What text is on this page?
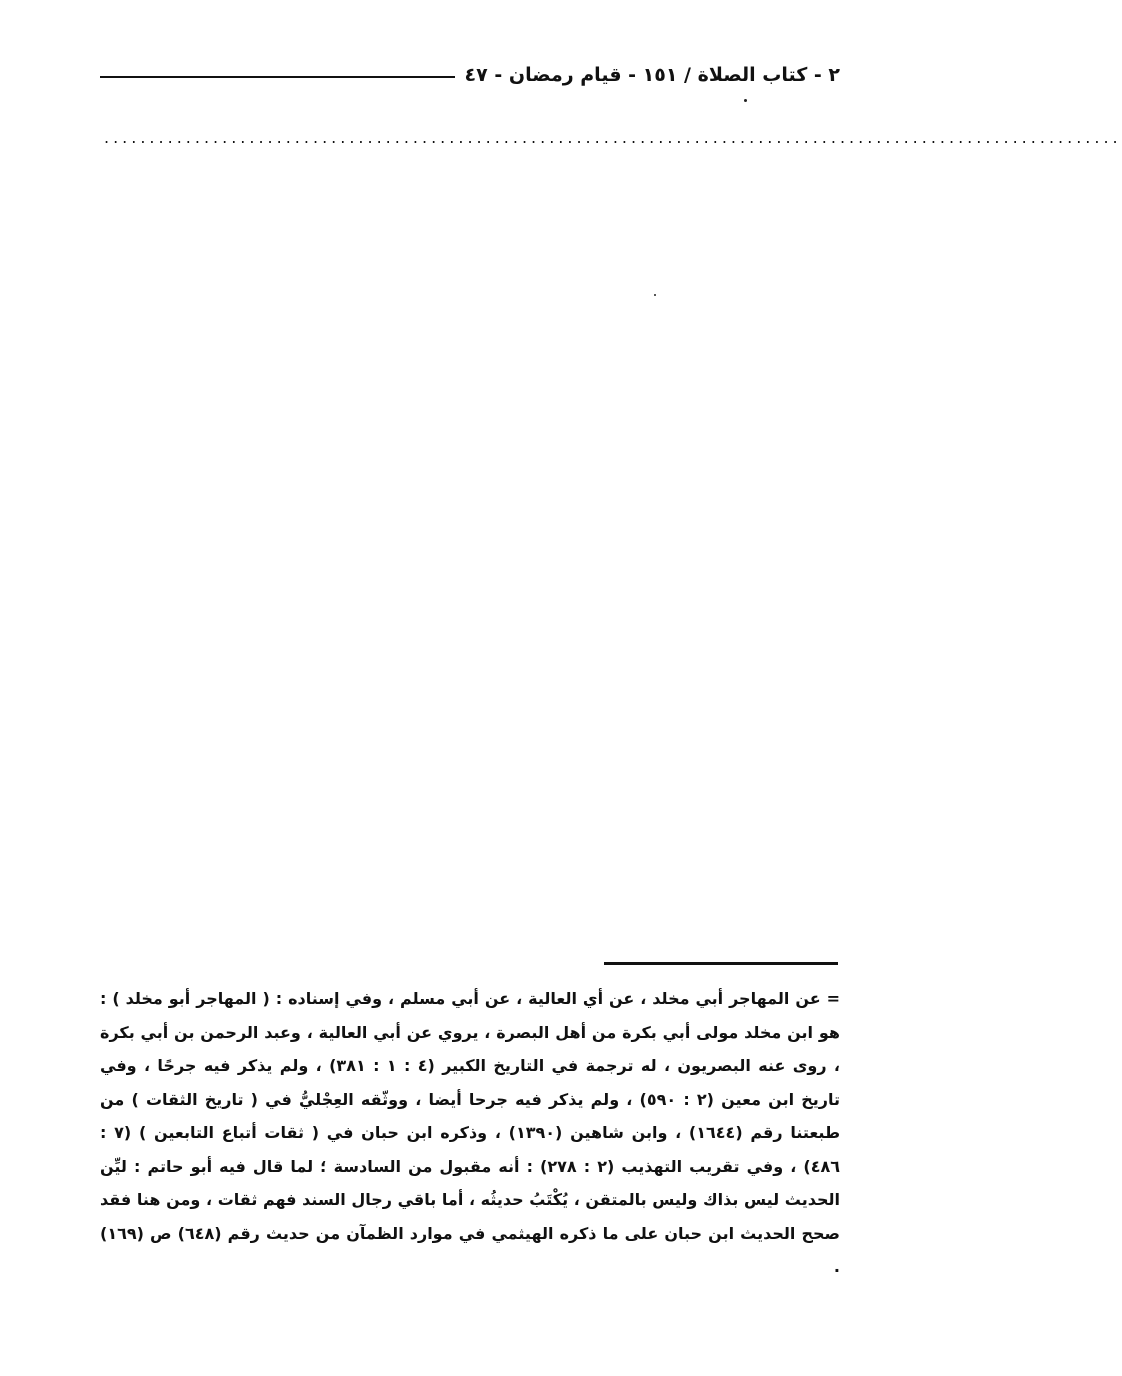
٢ - كتاب الصلاة / ١٥١ - قيام رمضان - ٤٧
................................................................................................................
= عن المهاجر أبي مخلد ، عن أي العالية ، عن أبي مسلم ، وفي إسناده : ( المهاجر أبو مخلد ) : هو ابن مخلد مولى أبي بكرة من أهل البصرة ، يروي عن أبي العالية ، وعبد الرحمن بن أبي بكرة ، روى عنه البصريون ، له ترجمة في التاريخ الكبير (٤ : ١ : ٣٨١) ، ولم يذكر فيه جرحًا ، وفي تاريخ ابن معين (٢ : ٥٩٠) ، ولم يذكر فيه جرحا أيضا ، ووثّقه العِجْليُّ في ( تاريخ الثقات ) من طبعتنا رقم (١٦٤٤) ، وابن شاهين (١٣٩٠) ، وذكره ابن حبان في ( ثقات أتباع التابعين ) (٧ : ٤٨٦) ، وفي تقريب التهذيب (٢ : ٢٧٨) : أنه مقبول من السادسة ؛ لما قال فيه أبو حاتم : ليِّن الحديث ليس بذاك وليس بالمتقن ، يُكْتَبُ حديثُه ، أما باقي رجال السند فهم ثقات ، ومن هنا فقد صحح الحديث ابن حبان على ما ذكره الهيثمي في موارد الظمآن من حديث رقم (٦٤٨) ص (١٦٩) .
